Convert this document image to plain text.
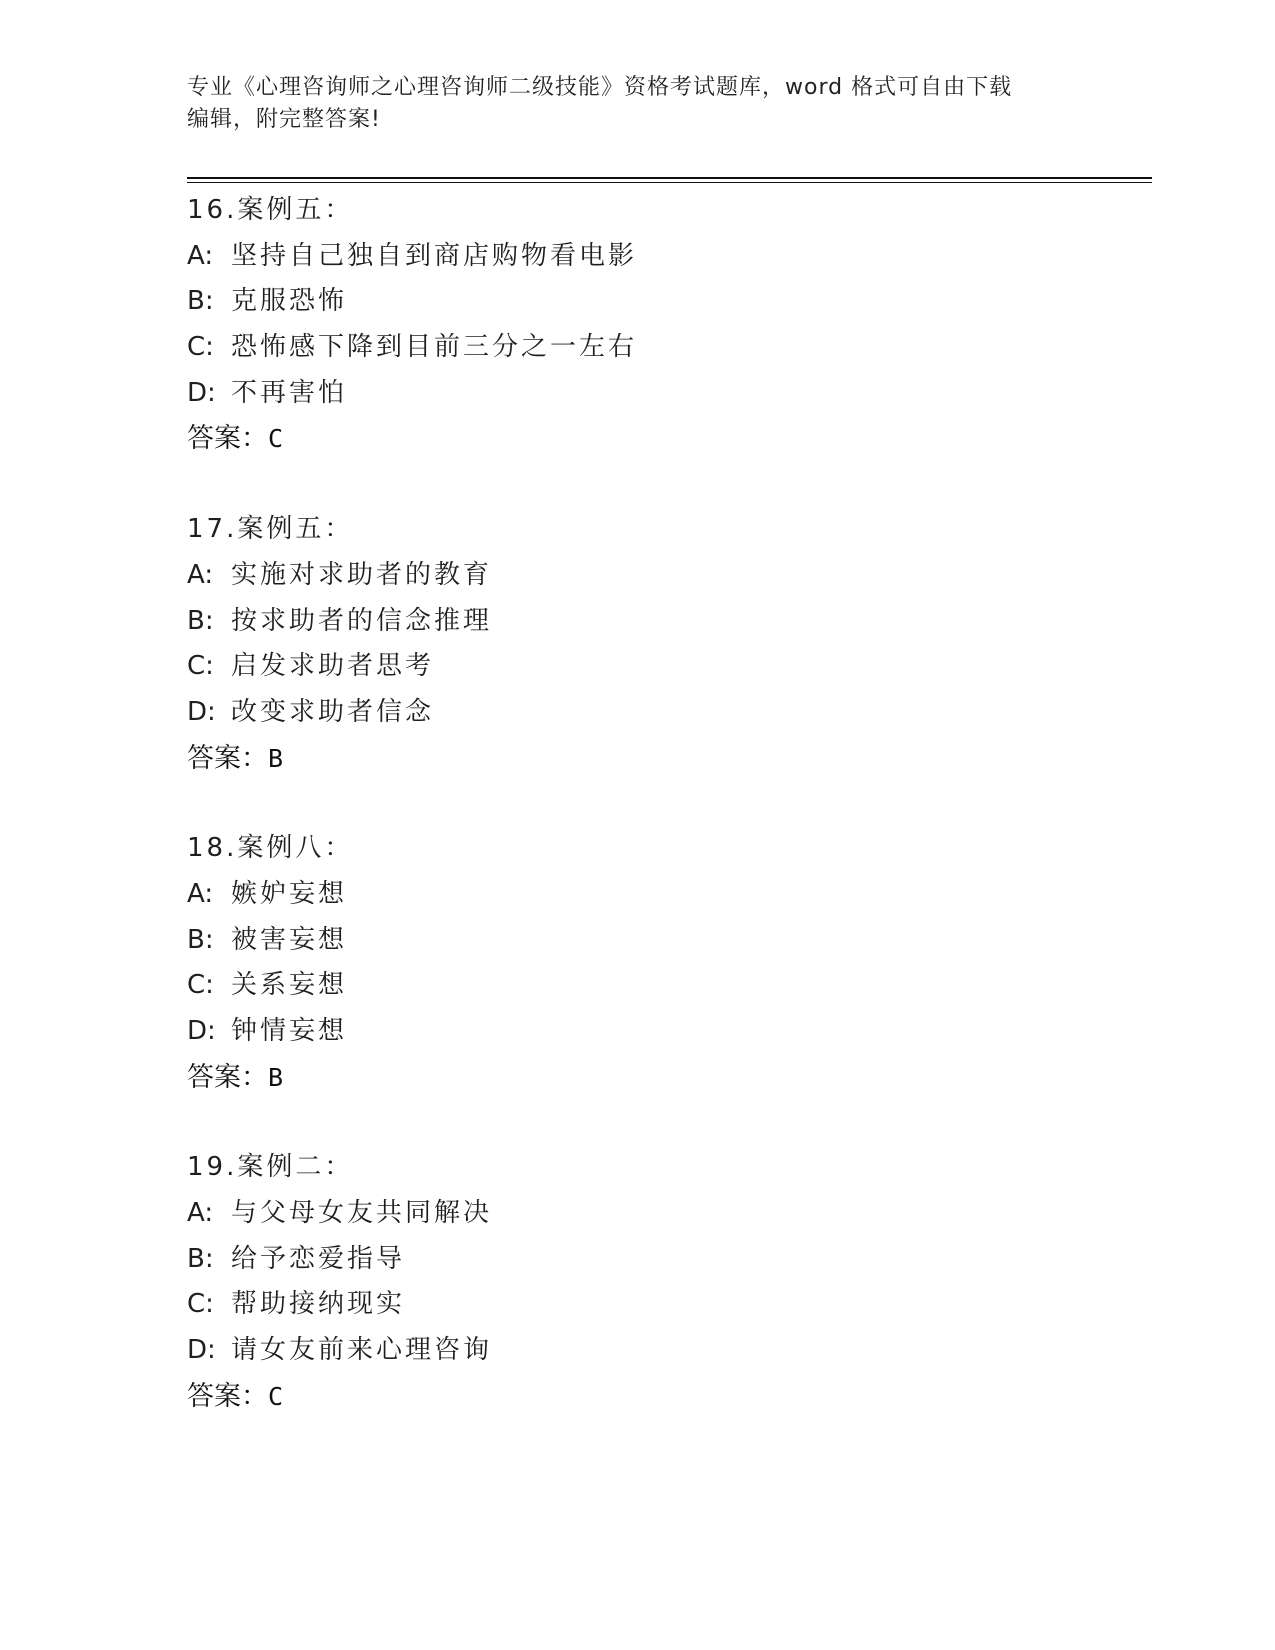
专业《心理咨询师之心理咨询师二级技能》资格考试题库，word 格式可自由下载
编辑，附完整答案!
16.案例五：
A: 坚持自己独自到商店购物看电影
B: 克服恐怖
C: 恐怖感下降到目前三分之一左右
D: 不再害怕
答案：C
17.案例五：
A: 实施对求助者的教育
B: 按求助者的信念推理
C: 启发求助者思考
D: 改变求助者信念
答案：B
18.案例八：
A: 嫉妒妄想
B: 被害妄想
C: 关系妄想
D: 钟情妄想
答案：B
19.案例二：
A: 与父母女友共同解决
B: 给予恋爱指导
C: 帮助接纳现实
D: 请女友前来心理咨询
答案：C
